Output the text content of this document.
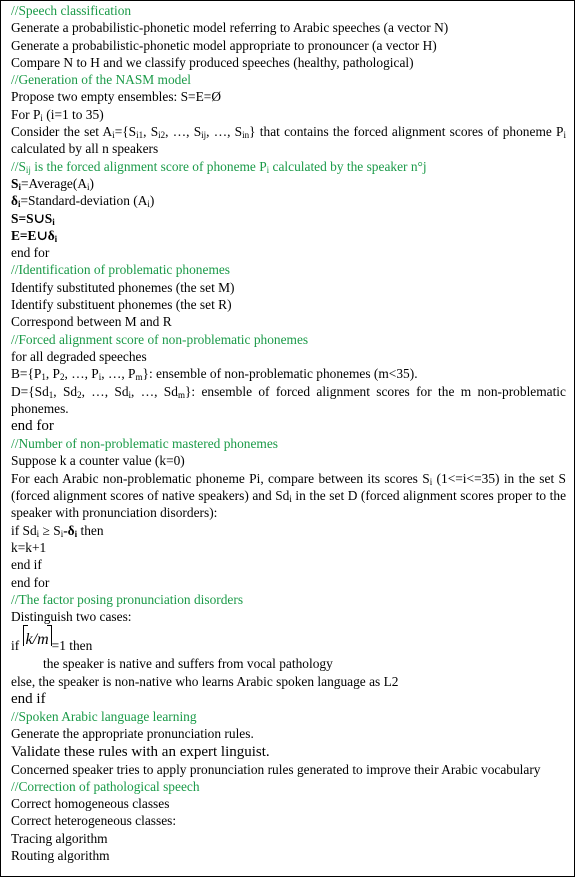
//Speech classification
Generate a probabilistic-phonetic model referring to Arabic speeches (a vector N)
Generate a probabilistic-phonetic model appropriate to pronouncer (a vector H)
Compare N to H and we classify produced speeches (healthy, pathological)
//Generation of the NASM model
Propose two empty ensembles: S=E=Ø
For $P_i$ (i=1 to 35)
Consider the set $A_i=\{S_{i1}$, $S_{i2}$, …, $S_{ij}$, …, $S_{in}$} that contains the forced alignment scores of phoneme $P_i$ calculated by all n speakers
$//S_{ij}$ is the forced alignment score of phoneme $P_i$ calculated by the speaker n°j
$S_i=Average(A_i)$
$\delta_i=Standard$-deviation $(A_i)$
$S=S\cup S_i$
$E=E\cup\delta_i$
end for
//Identification of problematic phonemes
Identify substituted phonemes (the set M)
Identify substituent phonemes (the set R)
Correspond between M and R
//Forced alignment score of non-problematic phonemes
for all degraded speeches
$B=\{P_1$, $P_2$, …, $P_i$, …, $P_m$}: ensemble of non-problematic phonemes (m<35).
$D=\{Sd_1$, $Sd_2$, …, $Sd_i$, …, $Sd_m$}: ensemble of forced alignment scores for the m non-problematic phonemes.
end for
//Number of non-problematic mastered phonemes
Suppose k a counter value (k=0)
For each Arabic non-problematic phoneme Pi, compare between its scores $S_i$ (1<=i<=35) in the set S (forced alignment scores of native speakers) and $Sd_i$ in the set D (forced alignment scores proper to the speaker with pronunciation disorders):
if $Sd_i \ge S_i-\delta_i$ then
k=k+1
end if
end for
//The factor posing pronunciation disorders
Distinguish two cases:
if
k/m =1 then
the speaker is native and suffers from vocal pathology
else, the speaker is non-native who learns Arabic spoken language as L2
end if
//Spoken Arabic language learning
Generate the appropriate pronunciation rules.
Validate these rules with an expert linguist.
Concerned speaker tries to apply pronunciation rules generated to improve their Arabic vocabulary
//Correction of pathological speech
Correct homogeneous classes
Correct heterogeneous classes:
Tracing algorithm
Routing algorithm
